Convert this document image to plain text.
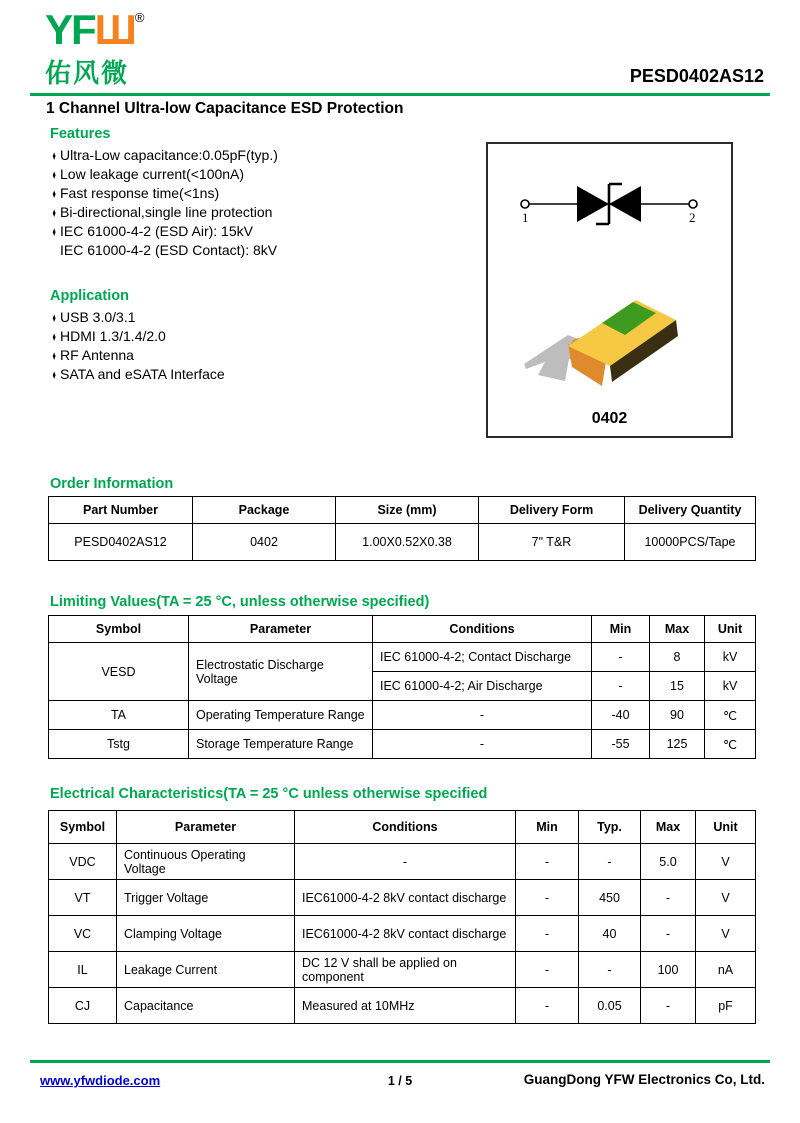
YFШ®
佑风微	PESD0402AS12
1 Channel Ultra-low Capacitance ESD Protection
Features
♦ Ultra-Low capacitance:0.05pF(typ.)
♦ Low leakage current(<100nA)
♦ Fast response time(<1ns)
♦ Bi-directional,single line protection
♦ IEC 61000-4-2 (ESD Air): 15kV
IEC 61000-4-2 (ESD Contact): 8kV
Application
♦ USB 3.0/3.1
♦ HDMI 1.3/1.4/2.0
♦ RF Antenna
♦ SATA and eSATA Interface
1	2
0402
Order Information
Part Number	Package	Size (mm)	Delivery Form	Delivery Quantity
PESD0402AS12	0402	1.00X0.52X0.38	7" T&R	10000PCS/Tape
Limiting Values(TA = 25 °C, unless otherwise specified)
Symbol	Parameter	Conditions	Min	Max	Unit
VESD	Electrostatic Discharge Voltage	IEC 61000-4-2; Contact Discharge	-	8	kV
		IEC 61000-4-2; Air Discharge	-	15	kV
TA	Operating Temperature Range	-	-40	90	℃
Tstg	Storage Temperature Range	-	-55	125	℃
Electrical Characteristics(TA = 25 °C unless otherwise specified
Symbol	Parameter	Conditions	Min	Typ.	Max	Unit
VDC	Continuous Operating Voltage	-	-	-	5.0	V
VT	Trigger Voltage	IEC61000-4-2 8kV contact discharge	-	450	-	V
VC	Clamping Voltage	IEC61000-4-2 8kV contact discharge	-	40	-	V
IL	Leakage Current	DC 12 V shall be applied on component	-	-	100	nA
CJ	Capacitance	Measured at 10MHz	-	0.05	-	pF
www.yfwdiode.com	1 / 5	GuangDong YFW Electronics Co, Ltd.
